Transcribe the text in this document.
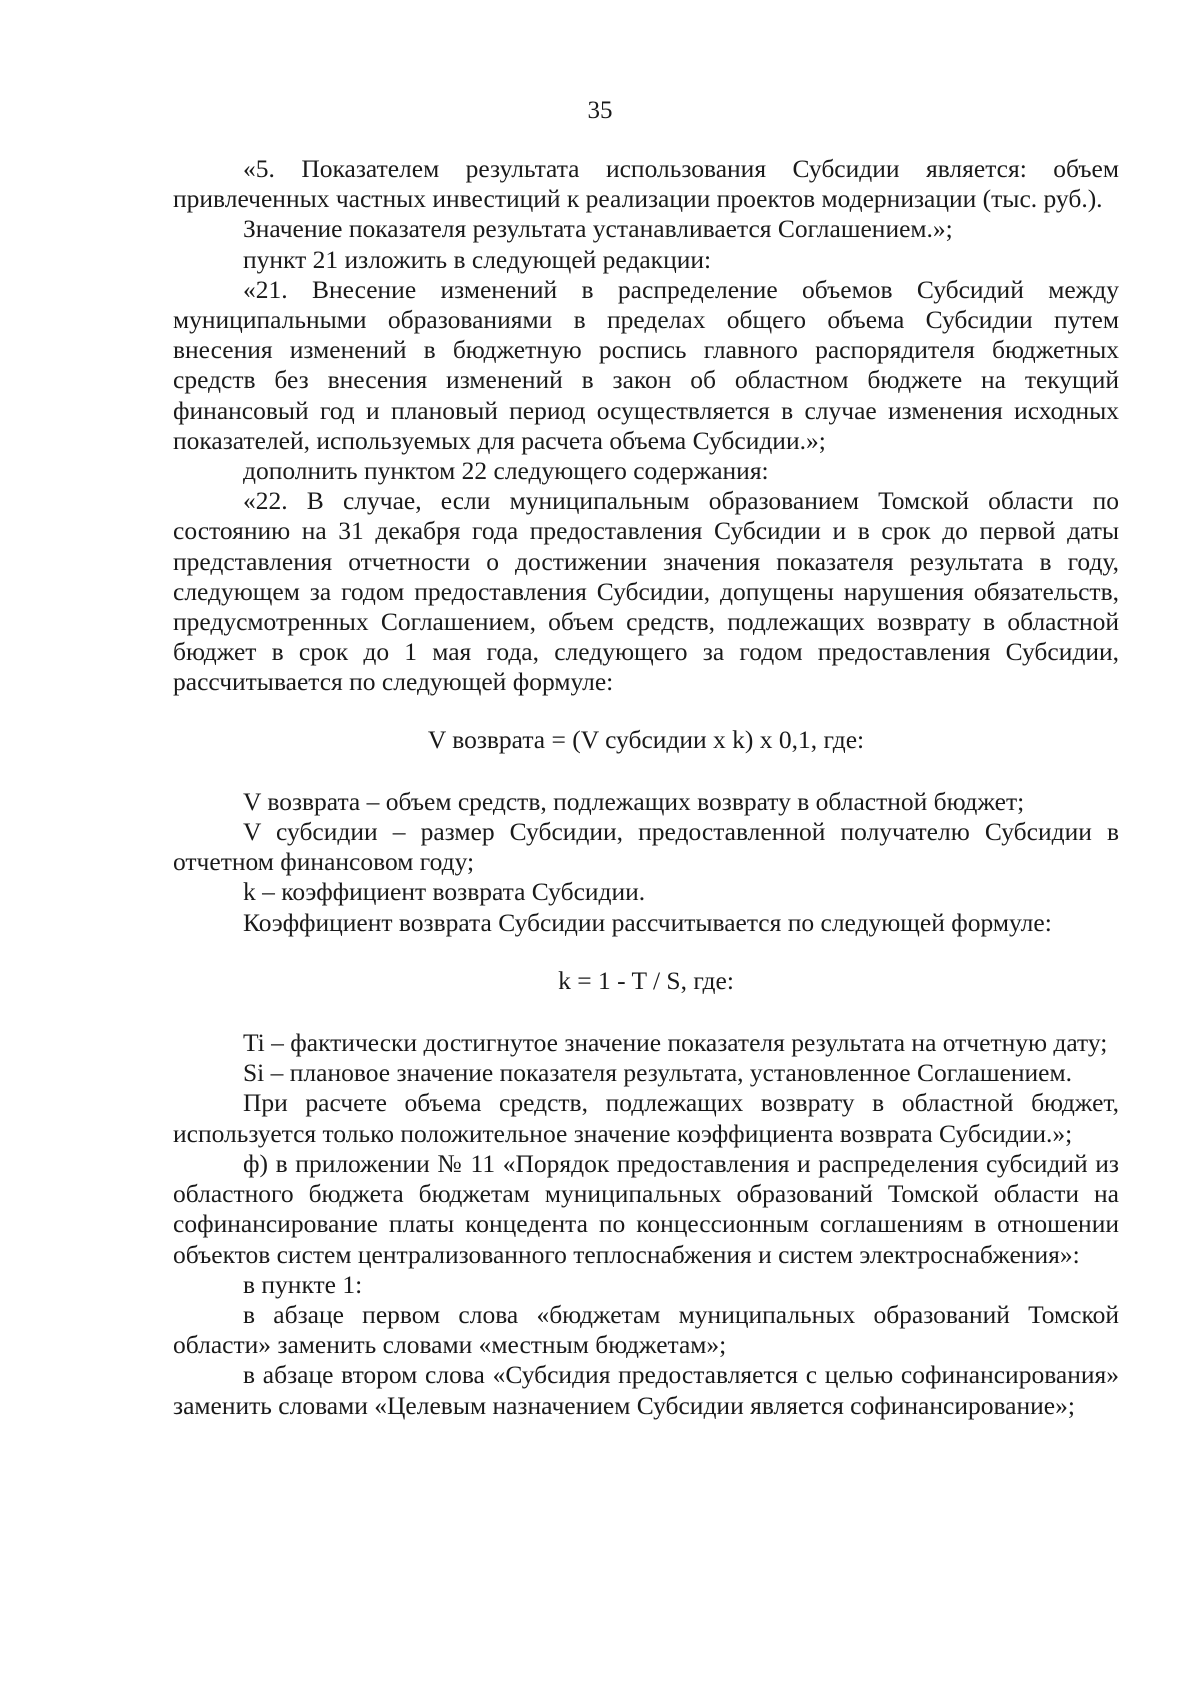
35

«5. Показателем результата использования Субсидии является: объем привлеченных частных инвестиций к реализации проектов модернизации (тыс. руб.).

Значение показателя результата устанавливается Соглашением.»;

пункт 21 изложить в следующей редакции:

«21. Внесение изменений в распределение объемов Субсидий между муниципальными образованиями в пределах общего объема Субсидии путем внесения изменений в бюджетную роспись главного распорядителя бюджетных средств без внесения изменений в закон об областном бюджете на текущий финансовый год и плановый период осуществляется в случае изменения исходных показателей, используемых для расчета объема Субсидии.»;

дополнить пунктом 22 следующего содержания:

«22. В случае, если муниципальным образованием Томской области по состоянию на 31 декабря года предоставления Субсидии и в срок до первой даты представления отчетности о достижении значения показателя результата в году, следующем за годом предоставления Субсидии, допущены нарушения обязательств, предусмотренных Соглашением, объем средств, подлежащих возврату в областной бюджет в срок до 1 мая года, следующего за годом предоставления Субсидии, рассчитывается по следующей формуле:

V возврата = (V субсидии x k) x 0,1, где:

V возврата – объем средств, подлежащих возврату в областной бюджет;

V субсидии – размер Субсидии, предоставленной получателю Субсидии в отчетном финансовом году;

k – коэффициент возврата Субсидии.

Коэффициент возврата Субсидии рассчитывается по следующей формуле:

k = 1 - T / S, где:

Ti – фактически достигнутое значение показателя результата на отчетную дату;

Si – плановое значение показателя результата, установленное Соглашением.

При расчете объема средств, подлежащих возврату в областной бюджет, используется только положительное значение коэффициента возврата Субсидии.»;

ф) в приложении № 11 «Порядок предоставления и распределения субсидий из областного бюджета бюджетам муниципальных образований Томской области на софинансирование платы концедента по концессионным соглашениям в отношении объектов систем централизованного теплоснабжения и систем электроснабжения»:

в пункте 1:

в абзаце первом слова «бюджетам муниципальных образований Томской области» заменить словами «местным бюджетам»;

в абзаце втором слова «Субсидия предоставляется с целью софинансирования» заменить словами «Целевым назначением Субсидии является софинансирование»;
